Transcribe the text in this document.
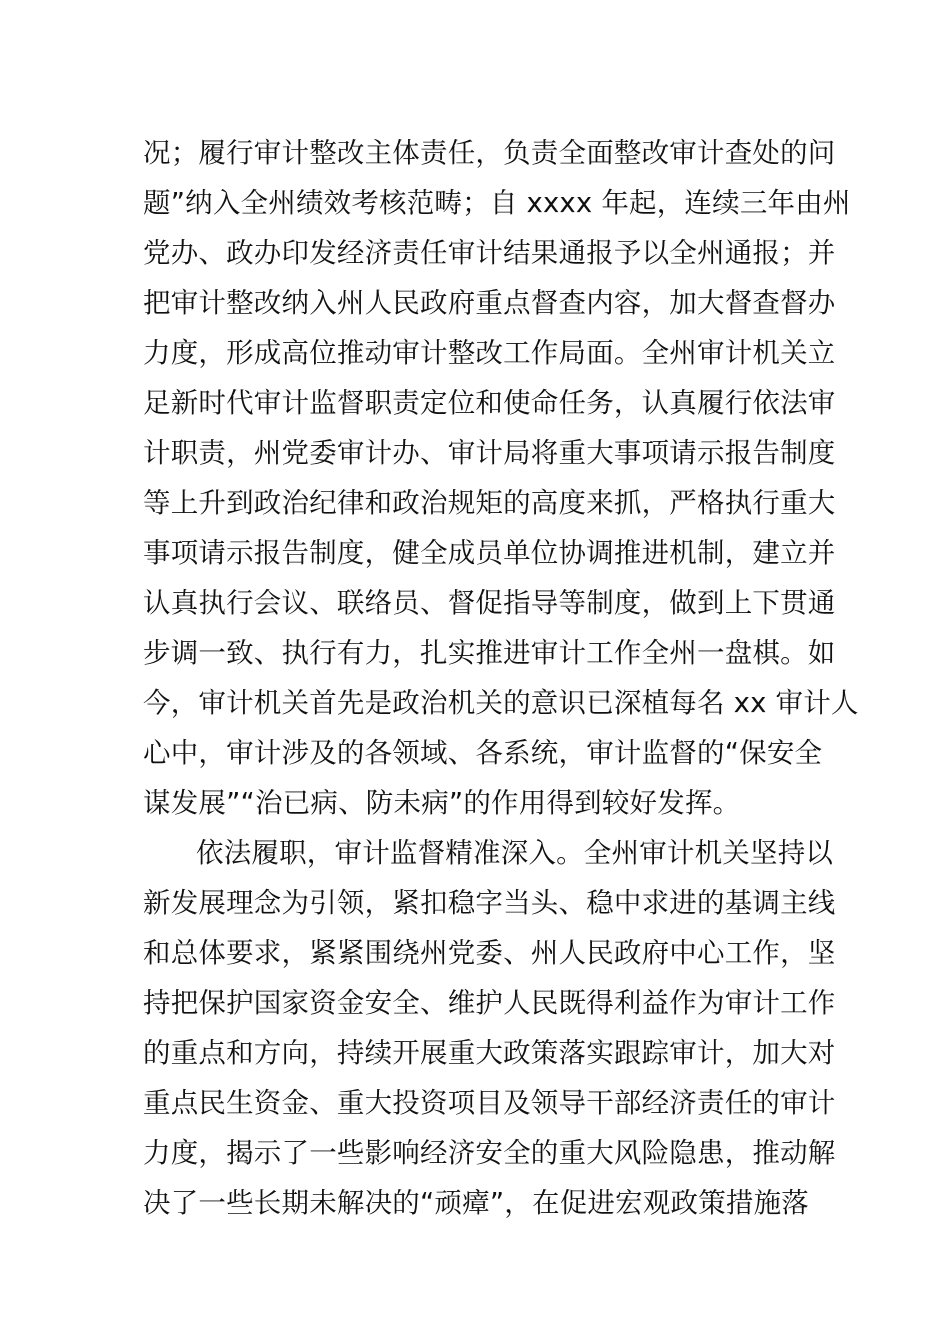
况；履行审计整改主体责任，负责全面整改审计查处的问
题”纳入全州绩效考核范畴；自 xxxx 年起，连续三年由州
党办、政办印发经济责任审计结果通报予以全州通报；并
把审计整改纳入州人民政府重点督查内容，加大督查督办
力度，形成高位推动审计整改工作局面。全州审计机关立
足新时代审计监督职责定位和使命任务，认真履行依法审
计职责，州党委审计办、审计局将重大事项请示报告制度
等上升到政治纪律和政治规矩的高度来抓，严格执行重大
事项请示报告制度，健全成员单位协调推进机制，建立并
认真执行会议、联络员、督促指导等制度，做到上下贯通
步调一致、执行有力，扎实推进审计工作全州一盘棋。如
今，审计机关首先是政治机关的意识已深植每名 xx 审计人
心中，审计涉及的各领域、各系统，审计监督的“保安全
谋发展”“治已病、防未病”的作用得到较好发挥。
依法履职，审计监督精准深入。全州审计机关坚持以
新发展理念为引领，紧扣稳字当头、稳中求进的基调主线
和总体要求，紧紧围绕州党委、州人民政府中心工作，坚
持把保护国家资金安全、维护人民既得利益作为审计工作
的重点和方向，持续开展重大政策落实跟踪审计，加大对
重点民生资金、重大投资项目及领导干部经济责任的审计
力度，揭示了一些影响经济安全的重大风险隐患，推动解
决了一些长期未解决的“顽瘴”，在促进宏观政策措施落
